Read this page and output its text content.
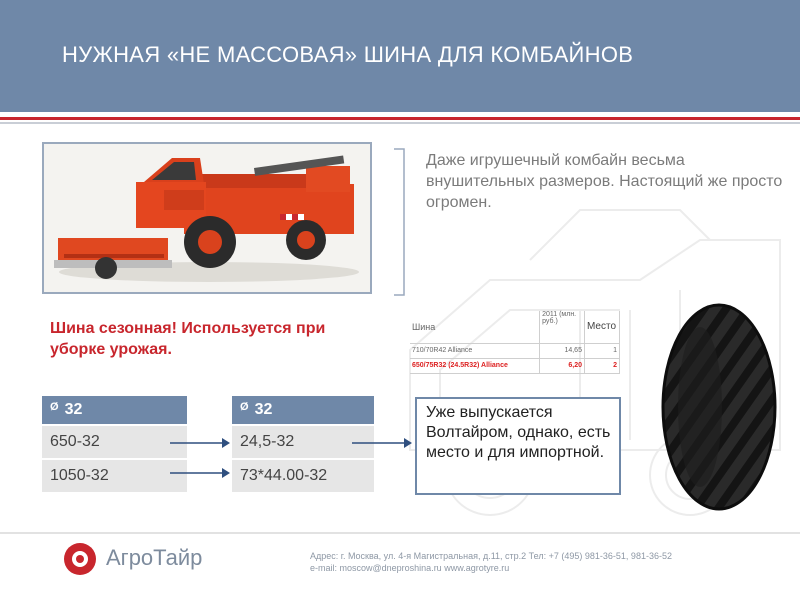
НУЖНАЯ «НЕ МАССОВАЯ» ШИНА ДЛЯ КОМБАЙНОВ
Даже игрушечный комбайн весьма внушительных размеров. Настоящий же просто огромен.
Шина сезонная! Используется при уборке урожая.
$^Ø$ 32
650-32
1050-32
$^Ø$ 32
24,5-32
73*44.00-32
Уже выпускается Волтайром, однако, есть место и для импортной.
Шина	2011 (млн. руб.)	Место
710/70R42 Alliance	14,65	1
650/75R32 (24.5R32) Alliance	6,20	2
АгроТайр	Адрес: г. Москва, ул. 4-я Магистральная, д.11, стр.2 Тел: +7 (495) 981-36-51, 981-36-52
e-mail: moscow@dneproshina.ru www.agrotyre.ru
